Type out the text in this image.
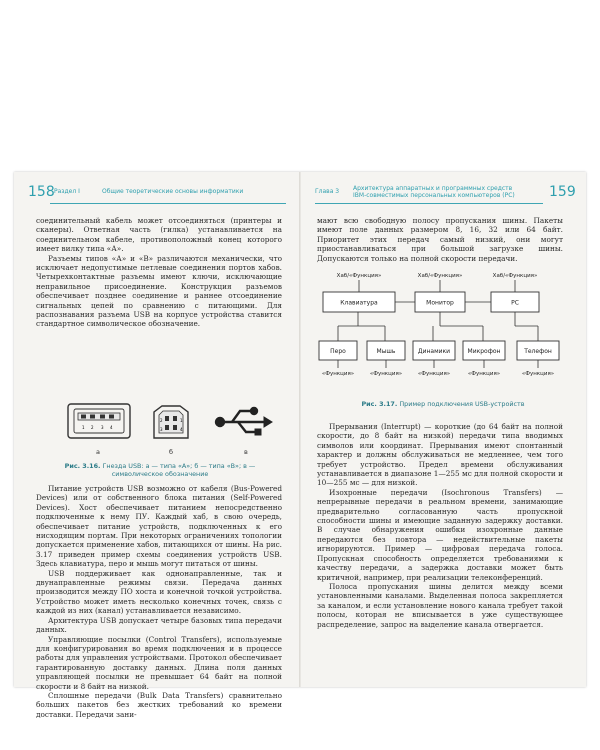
158 Раздел I	Общие теоретические основы информатики

соединительный кабель может отсоединяться (принтеры и сканеры). Ответная часть (гилка) устанавливается на соединительном кабеле, противоположный конец которого имеет вилку типа «А».

Разъемы типов «А» и «В» различаются механически, что исключает недопустимые петлевые соединения портов хабов. Четырехконтактные разъемы имеют ключи, исключающие неправильное присоединение. Конструкция разъемов обеспечивает позднее соединение и раннее отсоединение сигнальных цепей по сравнению с питающими. Для распознавания разъема USB на корпусе устройства ставится стандартное символическое обозначение.

1 2 3 4
2	1
3	4
а	б	в
Рис. 3.16. Гнезда USB: а — типа «А»; б — типа «В»; в — символическое обозначение

Питание устройств USB возможно от кабеля (Bus-Powered Devices) или от собственного блока питания (Self-Powered Devices). Хост обеспечивает питанием непосредственно подключенные к нему ПУ. Каждый хаб, в свою очередь, обеспечивает питание устройств, подключенных к его нисходящим портам. При некоторых ограничениях топологии допускается применение хабов, питающихся от шины. На рис. 3.17 приведен пример схемы соединения устройств USB. Здесь клавиатура, перо и мышь могут питаться от шины.

USB поддерживает как однонаправленные, так и двунаправленные режимы связи. Передача данных производится между ПО хоста и конечной точкой устройства. Устройство может иметь несколько конечных точек, связь с каждой из них (канал) устанавливается независимо.

Архитектура USB допускает четыре базовых типа передачи данных.

Управляющие посылки (Control Transfers), используемые для конфигурирования во время подключения и в процессе работы для управления устройствами. Протокол обеспечивает гарантированную доставку данных. Длина поля данных управляющей посылки не превышает 64 байт на полной скорости и 8 байт на низкой.

Сплошные передачи (Bulk Data Transfers) сравнительно больших пакетов без жестких требований ко времени доставки. Передачи зани-

Глава 3 Архитектура аппаратных и программных средств
IBM-совместимых персональных компьютеров (PC) 159

мают всю свободную полосу пропускания шины. Пакеты имеют поле данных размером 8, 16, 32 или 64 байт. Приоритет этих передач самый низкий, они могут приостанавливаться при большой загрузке шины. Допускаются только на полной скорости передачи.

Хаб/«Функция»	Хаб/«Функция»	Хаб/«Функция»
Клавиатура	Монитор	PC
Перо	Мышь	Динамики	Микрофон	Телефон
«Функция»	«Функция»	«Функция»	«Функция»	«Функция»
Рис. 3.17. Пример подключения USB-устройств

Прерывания (Interrupt) — короткие (до 64 байт на полной скорости, до 8 байт на низкой) передачи типа вводимых символов или координат. Прерывания имеют спонтанный характер и должны обслуживаться не медленнее, чем того требует устройство. Предел времени обслуживания устанавливается в диапазоне 1—255 мс для полной скорости и 10—255 мс — для низкой.

Изохронные передачи (Isochronous Transfers) — непрерывные передачи в реальном времени, занимающие предварительно согласованную часть пропускной способности шины и имеющие заданную задержку доставки. В случае обнаружения ошибки изохронные данные передаются без повтора — недействительные пакеты игнорируются. Пример — цифровая передача голоса. Пропускная способность определяется требованиями к качеству передачи, а задержка доставки может быть критичной, например, при реализации телеконференций.

Полоса пропускания шины делится между всеми установленными каналами. Выделенная полоса закрепляется за каналом, и если установление нового канала требует такой полосы, которая не вписывается в уже существующее распределение, запрос на выделение канала отвергается.
